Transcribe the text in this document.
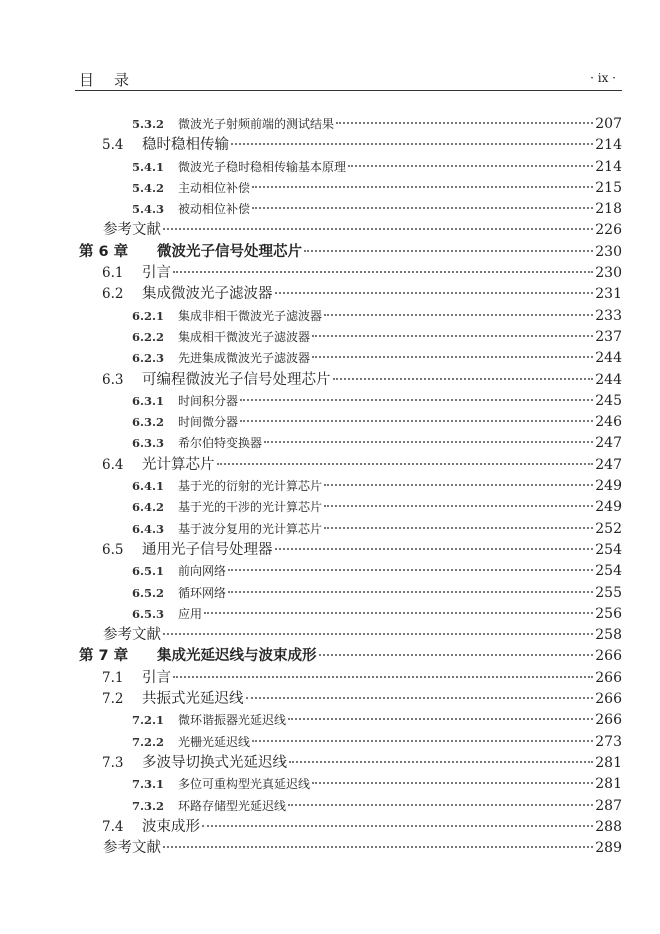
目录	· ix ·
5.3.2	微波光子射频前端的测试结果	207
5.4	稳时稳相传输	214
5.4.1	微波光子稳时稳相传输基本原理	214
5.4.2	主动相位补偿	215
5.4.3	被动相位补偿	218
参考文献	226
第 6 章	微波光子信号处理芯片	230
6.1	引言	230
6.2	集成微波光子滤波器	231
6.2.1	集成非相干微波光子滤波器	233
6.2.2	集成相干微波光子滤波器	237
6.2.3	先进集成微波光子滤波器	244
6.3	可编程微波光子信号处理芯片	244
6.3.1	时间积分器	245
6.3.2	时间微分器	246
6.3.3	希尔伯特变换器	247
6.4	光计算芯片	247
6.4.1	基于光的衍射的光计算芯片	249
6.4.2	基于光的干涉的光计算芯片	249
6.4.3	基于波分复用的光计算芯片	252
6.5	通用光子信号处理器	254
6.5.1	前向网络	254
6.5.2	循环网络	255
6.5.3	应用	256
参考文献	258
第 7 章	集成光延迟线与波束成形	266
7.1	引言	266
7.2	共振式光延迟线	266
7.2.1	微环谐振器光延迟线	266
7.2.2	光栅光延迟线	273
7.3	多波导切换式光延迟线	281
7.3.1	多位可重构型光真延迟线	281
7.3.2	环路存储型光延迟线	287
7.4	波束成形	288
参考文献	289
